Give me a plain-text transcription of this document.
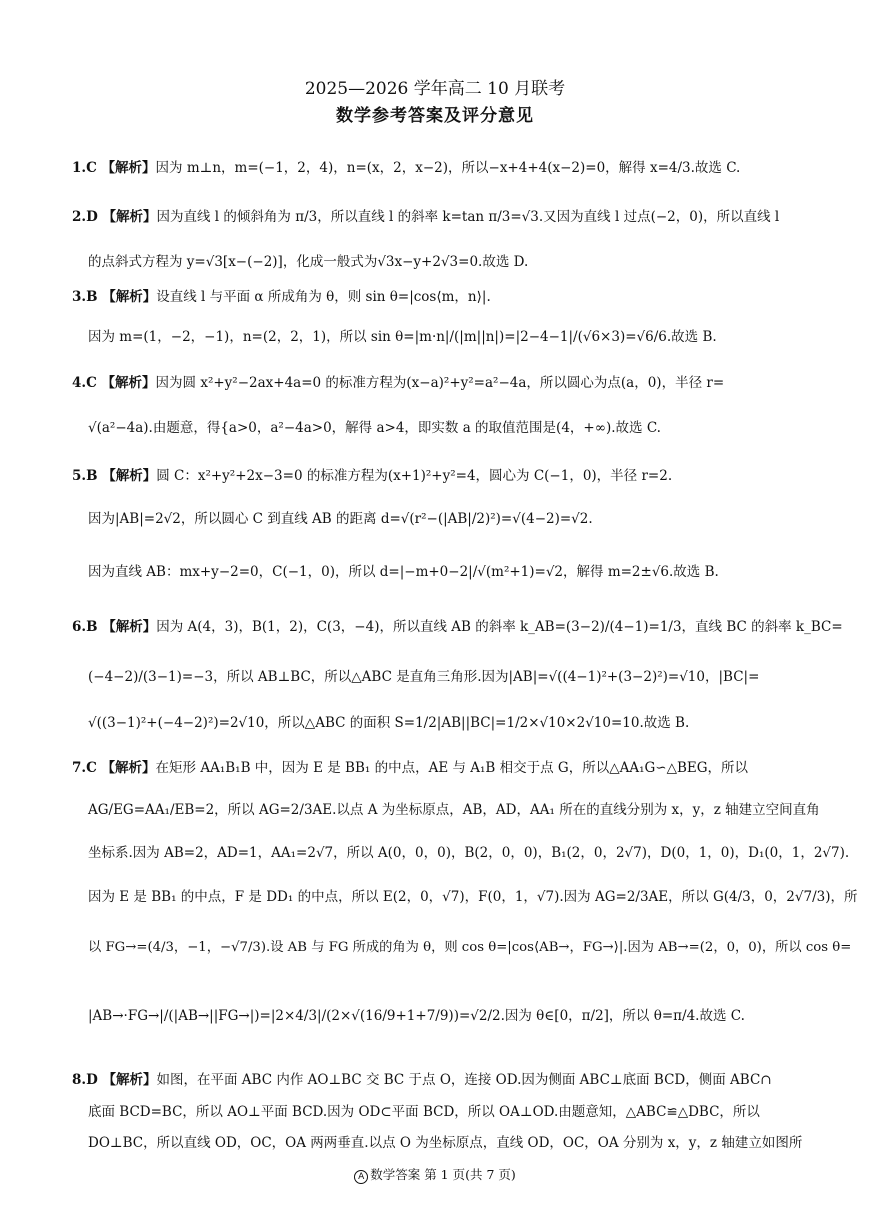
2025—2026 学年高二 10 月联考
数学参考答案及评分意见
1.C 【解析】因为 m⊥n，m=(−1，2，4)，n=(x，2，x−2)，所以−x+4+4(x−2)=0，解得 x=4/3.故选 C.
2.D 【解析】因为直线 l 的倾斜角为 π/3，所以直线 l 的斜率 k=tan π/3=√3.又因为直线 l 过点(−2，0)，所以直线 l
的点斜式方程为 y=√3[x−(−2)]，化成一般式为√3x−y+2√3=0.故选 D.
3.B 【解析】设直线 l 与平面 α 所成角为 θ，则 sin θ=|cos⟨m，n⟩|.
因为 m=(1，−2，−1)，n=(2，2，1)，所以 sin θ=|m·n|/(|m||n|)=|2−4−1|/(√6×3)=√6/6.故选 B.
4.C 【解析】因为圆 x²+y²−2ax+4a=0 的标准方程为(x−a)²+y²=a²−4a，所以圆心为点(a，0)，半径 r=
√(a²−4a).由题意，得{a>0，a²−4a>0，解得 a>4，即实数 a 的取值范围是(4，+∞).故选 C.
5.B 【解析】圆 C：x²+y²+2x−3=0 的标准方程为(x+1)²+y²=4，圆心为 C(−1，0)，半径 r=2.
因为|AB|=2√2，所以圆心 C 到直线 AB 的距离 d=√(r²−(|AB|/2)²)=√(4−2)=√2.
因为直线 AB：mx+y−2=0，C(−1，0)，所以 d=|−m+0−2|/√(m²+1)=√2，解得 m=2±√6.故选 B.
6.B 【解析】因为 A(4，3)，B(1，2)，C(3，−4)，所以直线 AB 的斜率 k_AB=(3−2)/(4−1)=1/3，直线 BC 的斜率 k_BC=
(−4−2)/(3−1)=−3，所以 AB⊥BC，所以△ABC 是直角三角形.因为|AB|=√((4−1)²+(3−2)²)=√10，|BC|=
√((3−1)²+(−4−2)²)=2√10，所以△ABC 的面积 S=1/2|AB||BC|=1/2×√10×2√10=10.故选 B.
7.C 【解析】在矩形 AA₁B₁B 中，因为 E 是 BB₁ 的中点，AE 与 A₁B 相交于点 G，所以△AA₁G∽△BEG，所以
AG/EG=AA₁/EB=2，所以 AG=2/3AE.以点 A 为坐标原点，AB，AD，AA₁ 所在的直线分别为 x，y，z 轴建立空间直角
坐标系.因为 AB=2，AD=1，AA₁=2√7，所以 A(0，0，0)，B(2，0，0)，B₁(2，0，2√7)，D(0，1，0)，D₁(0，1，2√7).
因为 E 是 BB₁ 的中点，F 是 DD₁ 的中点，所以 E(2，0，√7)，F(0，1，√7).因为 AG=2/3AE，所以 G(4/3，0，2√7/3)，所
以 FG→=(4/3，−1，−√7/3).设 AB 与 FG 所成的角为 θ，则 cos θ=|cos⟨AB→，FG→⟩|.因为 AB→=(2，0，0)，所以 cos θ=
|AB→·FG→|/(|AB→||FG→|)=|2×4/3|/(2×√(16/9+1+7/9))=√2/2.因为 θ∈[0，π/2]，所以 θ=π/4.故选 C.
8.D 【解析】如图，在平面 ABC 内作 AO⊥BC 交 BC 于点 O，连接 OD.因为侧面 ABC⊥底面 BCD，侧面 ABC∩
底面 BCD=BC，所以 AO⊥平面 BCD.因为 OD⊂平面 BCD，所以 OA⊥OD.由题意知，△ABC≌△DBC，所以
DO⊥BC，所以直线 OD，OC，OA 两两垂直.以点 O 为坐标原点，直线 OD，OC，OA 分别为 x，y，z 轴建立如图所
A 数学答案 第 1 页(共 7 页)
